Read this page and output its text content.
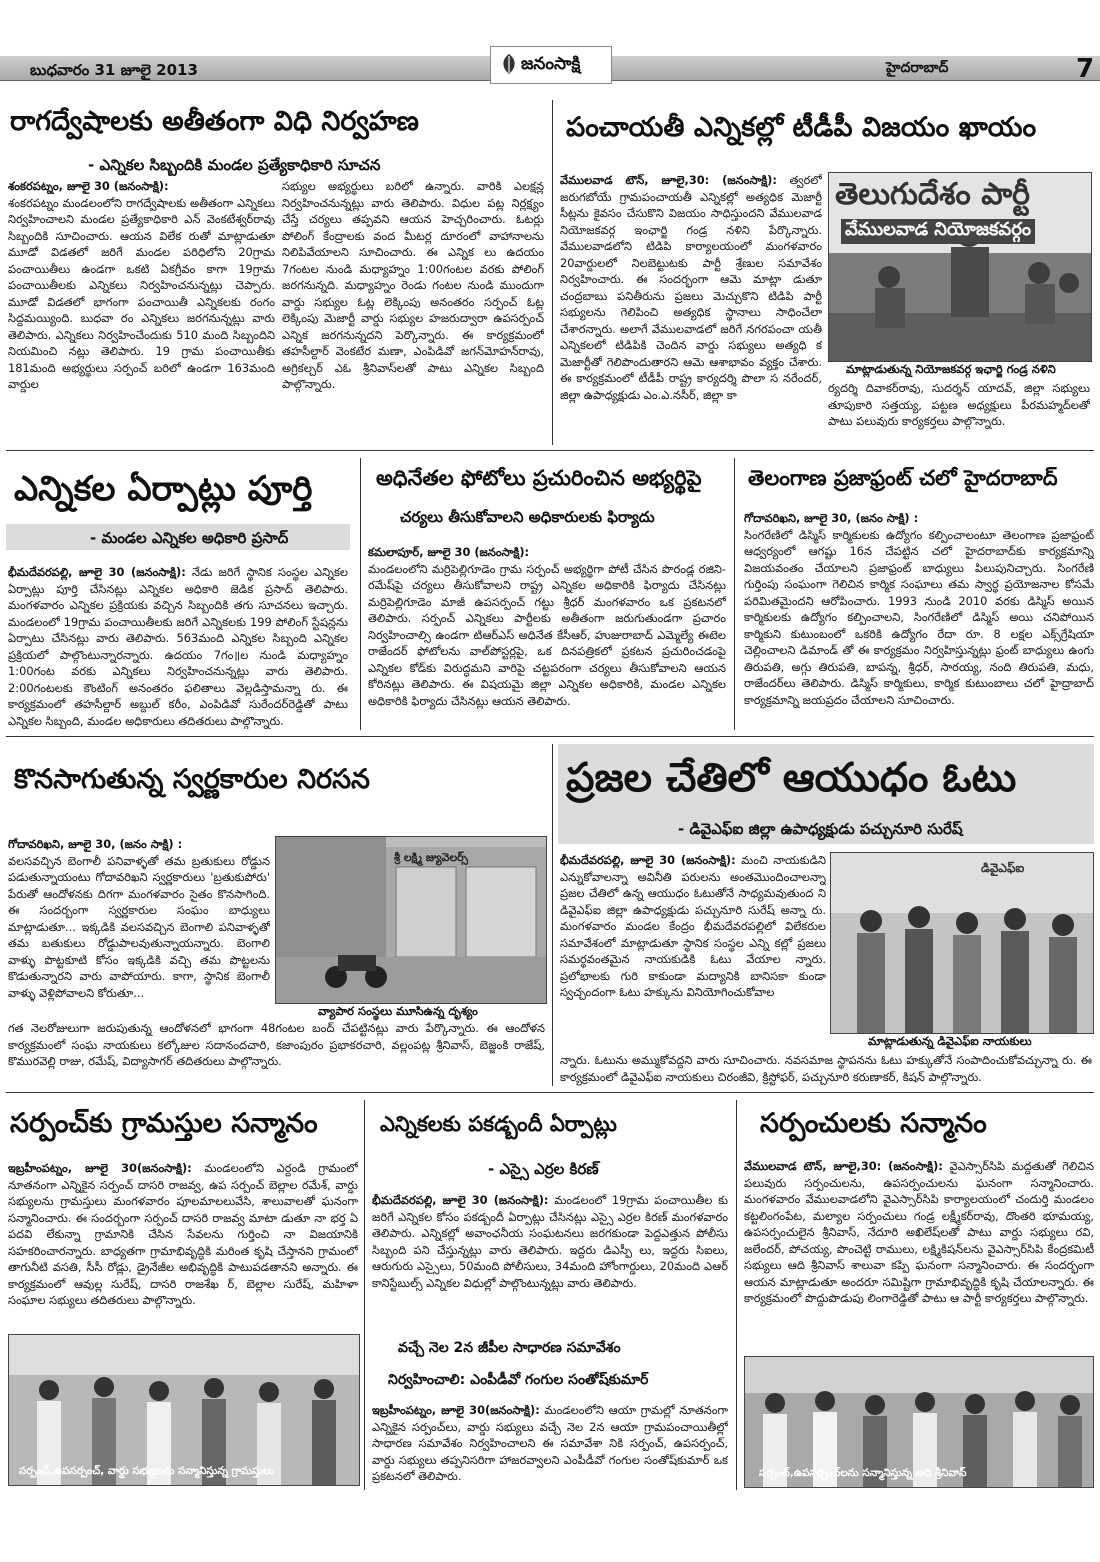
బుధవారం 31 జూలై 2013	జనంసాక్షి	హైదరాబాద్	7
రాగద్వేషాలకు అతీతంగా విధి నిర్వహణ
- ఎన్నికల సిబ్బందికి మండల ప్రత్యేకాధికారి సూచన
శంకరపట్నం, జూలై 30 (జనంసాక్షి):
శంకరపట్నం మండలంలోని రాగద్వేషాలకు అతీతంగా ఎన్నికలు నిర్వహించాలని మండల ప్రత్యేకాధికారి ఎన్ వెంకటేశ్వర్‌రావు సిబ్బందికి సూచించారు. ఆయన విలేక రుతో మాట్లాడుతూ మూడో విడతలో జరిగే మండల పరిధిలోని 20గ్రామ పంచాయితీలు ఉండగా ఒకటి ఏకగ్రీవం కాగా 19గ్రామ పంచాయితీలకు ఎన్నికలు నిర్వహించనున్నట్లు చెప్పారు. మూడో విడతలో భాగంగా పంచాయితీ ఎన్నికలకు రంగం సిద్దమయ్యింది. బుధవా రం ఎన్నికలు జరగనున్నట్లు వారు తెలిపారు. ఎన్నికలు నిర్వహించేందుకు 510 మంది సిబ్బందిని నియమించి నట్లు తెలిపారు. 19 గ్రామ పంచాయితీకు 181మంది అభ్యర్థులు సర్పంచ్ బరిలో ఉండగా 163మంది వార్డుల
సభ్యుల అభ్యర్థులు బరిలో ఉన్నారు. వారికి ఎలక్షన్ల నిర్వహించనున్నట్లు వారు తెలిపారు. విధుల పట్ల నిర్లక్ష్యం చేస్తే చర్యలు తప్పవని ఆయన హెచ్చరించారు. ఓటర్లు పోలింగ్ కేంద్రాలకు వంద మీటర్ల దూరంలో వాహానాలను నిలిపివేయాలని సూచించారు. ఈ ఎన్నిక లు ఉదయం 7గంటల నుండి మధ్యాహ్నం 1:00గంటల వరకు పోలింగ్ జరగనున్నది. మధ్యాహ్నం రెండు గంటల నుండి ముందుగా వార్డు సభ్యుల ఓట్ల లెక్కింపు అనంతరం సర్పంచ్ ఓట్ల లెక్కింపు మెజార్టీ వార్డు సభ్యుల హజరుద్వారా ఉపసర్పంచ్ ఎన్నిక జరగనున్నదని పెర్కొన్నారు. ఈ కార్యక్రమంలో తహసీల్దార్ వెంకటేర మణా, ఎంపిడివో జగన్‌మోహన్‌రావు, అగ్రికల్చర్ ఎఓ శ్రీనివాస్‌లతో పాటు ఎన్నికల సిబ్బంది పాల్గొన్నారు.
పంచాయతీ ఎన్నికల్లో టీడీపీ విజయం ఖాయం
వేములవాడ టౌన్, జూలై,30: (జనంసాక్షి): త్వరలో జరుగబోయే గ్రామపంచాయతీ ఎన్నికల్లో అత్యధిక మెజార్టీ సీట్లను కైవసం చేసుకొని విజయం సాధిస్తుందని వేములవాడ నియోజకవర్గ ఇంఛార్జి గండ్ర నళిని పేర్కొన్నారు. వేములవాడలోని టిడిపి కార్యాలయంలో మంగళవారం 20వార్డులలో నిలబెట్టుటకు పార్టీ శ్రేణుల సమావేశం నిర్వహించారు. ఈ సందర్భంగా ఆమె మాట్లా డుతూ చంద్రబాబు పనితీరును ప్రజలు మెచ్చుకొని టిడిపి పార్టీ సభ్యులను గెలిపించి అత్యధిక స్థానాలు సాధించేలా చేశారన్నారు. అలాగే వేములవాడలో జరిగే నగరపంచా యతీ ఎన్నికలలో టిడిపికి చెందిన వార్డు సభ్యులు అత్యధి క మెజార్టీతో గెలిపొందుతారని ఆమె ఆశాభావం వ్యక్తం చేశారు. ఈ కార్యక్రమంలో టీడీపీ రాష్ట్ర కార్యదర్శి పొలా స నరేందర్, జిల్లా ఉపాధ్యక్షుడు ఎం.ఎ.నసీర్, జిల్లా కా
తెలుగుదేశం పార్టీ
వేములవాడ నియోజకవర్గం
మాట్లాడుతున్న నియోజకవర్గ ఇఛార్జి గండ్ర నళిని
ర్యదర్శి దివాకర్‌రావు, సుదర్శన్ యాదవ్, జిల్లా సభ్యులు తూపుకారి సత్తయ్య, పట్టణ అధ్యక్షులు పీరమహ్మద్‌లతో పాటు పలువురు కార్యకర్తలు పాల్గొన్నారు.
ఎన్నికల ఏర్పాట్లు పూర్తి
- మండల ఎన్నికల అధికారి ప్రసాద్
భీమదేవరపల్లి, జూలై 30 (జనంసాక్షి): నేడు జరిగే స్థానిక సంస్థల ఎన్నికల ఏర్పాట్లు పూర్తి చేసినట్లు ఎన్నికల అధికారి జెడిక ప్రసాద్ తెలిపారు. మంగళవారం ఎన్నికల ప్రక్రియకు వచ్చిన సిబ్బందికి తగు సూచనలు ఇచ్చారు. మండలంలో 19గ్రామ పంచాయితీలకు జరిగే ఎన్నికలకు 199 పోలింగ్ స్టేషన్లను ఏర్పాటు చేసినట్లు వారు తెలిపారు. 563మంది ఎన్నికల సిబ్బంది ఎన్నికల ప్రక్రియలో పాల్గొంటున్నారన్నారు. ఉదయం 7గం॥ల నుండి మధ్యాహ్నం 1:00గంట వరకు ఎన్నికలు నిర్వహించనున్నట్లు వారు తెలిపారు. 2:00గంటలకు కౌంటింగ్ అనంతరం ఫలితాలు వెల్లడిస్తామన్నా రు. ఈ కార్యక్రమంలో తహసీల్దార్ అబ్దుల్ కరీం, ఎంపిడివో సురేందర్‌రెడ్డితో పాటు ఎన్నికల సిబ్బంది, మండల అధికారులు తదితరులు పాల్గొన్నారు.
అధినేతల ఫోటోలు ప్రచురించిన అభ్యర్థిపై
చర్యలు తీసుకోవాలని అధికారులకు ఫిర్యాదు
కమలాపూర్, జూలై 30 (జనంసాక్షి):
మండలంలోని మర్రిపెల్లిగూడెం గ్రామ సర్పంచ్ అభ్యర్థిగా పోటీ చేసిన పొరండ్ల రజిని-రమేష్‌పై చర్యలు తీసుకోవాలని రాష్ట్ర ఎన్నికల అధికారికి ఫిర్యాదు చేసినట్లు మర్రిపెల్లిగూడెం మాజీ ఉపసర్పంచ్ గట్టు శ్రీధర్ మంగళవారం ఒక ప్రకటనలో తెలిపారు. సర్పంచ్ ఎన్నికలు పార్టీలకు అతీతంగా జరుగుతుండగా ప్రచారం నిర్వహించాల్సి ఉండగా టిఆర్‌ఎస్ అధినేత కేసీఆర్, హుజురాబాద్ ఎమ్మెల్యే ఈటెల రాజేందర్ ఫోటోలను వాల్‌పోస్టర్లపై, ఒక దినపత్రికలో ప్రకటన ప్రచురించడంపై ఎన్నికల కోడ్‌కు విరుద్ధమని వారిపై చట్టపరంగా చర్యలు తీసుకోవాలని ఆయన కోరినట్లు తెలిపారు. ఈ విషయమై జిల్లా ఎన్నికల అధికారికి, మండల ఎన్నికల అధికారికి ఫిర్యాదు చేసినట్లు ఆయన తెలిపారు.
తెలంగాణ ప్రజాఫ్రంట్ చలో హైదరాబాద్
గోదావరిఖని, జూలై 30, (జనం సాక్షి) :
సింగరేణిలో డిస్మిస్ కార్మికులకు ఉద్యోగం కల్పించాలంటూ తెలంగాణ ప్రజాఫ్రంట్ ఆధ్వర్యంలో ఆగష్టు 16న చేపట్టిన చలో హైదరాబాద్‌కు కార్యక్రమాన్ని విజయవంతం చేయాలని ప్రజాఫ్రంట్ బాధ్యులు పిలుపునిచ్చారు. సింగరేణి గుర్తింపు సంఘంగా గెలిచిన కార్మిక సంఘాలు తమ స్వార్థ ప్రయోజనాల కోసమే పరిమితమైందని ఆరోపించారు. 1993 నుండి 2010 వరకు డిస్మిస్ అయిన కార్మికులకు ఉద్యోగం కల్పించాలని, సింగరేణిలో డిస్మిస్ అయి చనిపోయిన కార్మికుని కుటుంబంలో ఒకరికి ఉద్యోగం రేదా రూ. 8 లక్షల ఎక్స్‌గ్రేషియా చెల్లించాలని డిమాండ్ తో ఈ కార్యక్రమం నిర్వహిస్తున్నట్లు ఫ్రంట్ బాధ్యులు ఉంగు తిరుపతి, అగ్గు తిరుపతి, బాపన్న, శ్రీధర్, సారయ్య, నంది తిరుపతి, మధు, రాజేందర్‌లు తెలిపారు. డిస్మిస్ కార్మికులు, కార్మిక కుటుంబాలు చలో హైద్రాబాద్ కార్యక్రమాన్ని జయప్రదం చేయాలని సూచించారు.
కొనసాగుతున్న స్వర్ణకారుల నిరసన
గోదావరిఖని, జూలై 30, (జనం సాక్షి) :
వలసవచ్చిన బెంగాలీ పనివాళ్ళతో తమ బ్రతుకులు రోడ్డున పడుతున్నాయంటు గోదావరిఖని స్వర్ణకారులు 'బ్రతుకుపోరు' పేరుతో ఆందోళనకు దిగగా మంగళవారం సైతం కొనసాగింది. ఈ సందర్బంగా స్వర్ణకారుల సంఘం బాధ్యులు మాట్లాడుతూ... ఇక్కడికి వలసవచ్చిన బెంగాలి పనివాళ్ళతో తమ బతుకులు రోడ్డుపాలవుతున్నాయన్నారు. బెంగాలి వాళ్ళు పొట్టకూటి కోసం ఇక్కడికి వచ్చి తమ పొట్టలను కొడుతున్నారని వారు వాపోయారు. కాగా, స్థానిక బెంగాలీ వాళ్ళు వెళ్లిపోవాలని కోరుతూ...
శ్రీ లక్ష్మి జ్యువెలర్స్
వ్యాపార సంస్థలు మూసిఉన్న దృశ్యం
గత నెలరోజులుగా జరుపుతున్న ఆందోళనలో భాగంగా 48గంటల బంద్ చేపట్టినట్లు వారు పేర్కొన్నారు. ఈ ఆందోళన కార్యక్రమంలో సంఘ నాయకులు కల్కోజుల సదానందచారి, కజాంపురం ప్రభాకరచారి, వల్లంపట్ల శ్రీనివాస్, బెజ్జంకి రాజేష్, కొమురవెల్లి రాజు, రమేష్, విద్యాసాగర్ తదితరులు పాల్గొన్నారు.
ప్రజల చేతిలో ఆయుధం ఓటు
- డివైఎఫ్ఐ జిల్లా ఉపాధ్యక్షుడు పచ్చునూరి సురేష్
భీమదేవరపల్లి, జూలై 30 (జనంసాక్షి): మంచి నాయకుడిని ఎన్నుకోవాలన్నా అవినీతి పరులను అంతమొందించాలన్నా ప్రజల చేతిలో ఉన్న ఆయుధం ఓటుతోనే సాధ్యమవుతుంద ని డివైఎఫ్ఐ జిల్లా ఉపాధ్యక్షుడు పచ్చునూరి సురేష్ అన్నా రు. మంగళవారం మండల కేంద్రం భీమదేవరపల్లిలో విలేకరుల సమావేశంలో మాట్లాడుతూ స్థానిక సంస్థల ఎన్ని కల్లో ప్రజలు సమర్థవంతమైన నాయకుడికి ఓటు వేయాల న్నారు. ప్రలోభాలకు గురి కాకుండా మద్యానికి బానిసకా కుండా స్వచ్చందంగా ఓటు హక్కును వినియోగించుకోవాల
డివైఎఫ్ఐ
మాట్లాడుతున్న డివైఎఫ్ఐ నాయకులు
న్నారు. ఓటును అమ్ముకోవద్దని వారు సూచించారు. నవసమాజ స్థాపనను ఓటు హక్కుతోనే సంపాదించుకోవచ్చున్నా రు. ఈ కార్యక్రమంలో డివైఎఫ్ఐ నాయకులు చిరంజీవి, క్రిస్టోఫర్, పచ్చునూరి కరుణాకర్, కిషన్ పాల్గొన్నారు.
సర్పంచ్‌కు గ్రామస్తుల సన్మానం
ఇబ్రహీంపట్నం, జూలై 30(జనంసాక్షి): మండలంలోని ఎర్దండి గ్రామంలో నూతనంగా ఎన్నికైన సర్పంచ్ దాసరి రాజవ్వ, ఉప సర్పంచ్ బెల్లాల రమేశ్, వార్డు సభ్యులను గ్రామస్తులు మంగళవారం పూలమాలలువేసి, శాలువాలతో ఘనంగా సన్మానించారు. ఈ సందర్బంగా సర్పంచ్ దాసరి రాజవ్వ మాటా డుతూ నా భర్త ఏ పదవి లేకున్నా గ్రామానికి చేసిన సేవలను గుర్తించి నా విజయానికి సహకరించారన్నారు. బాధ్యతగా గ్రామాభివృద్ధికి మరింత కృషి చేస్తానని గ్రామంలో తాగునీటి వసతి, సీసీ రోడ్లు, డ్రైనేజీల అభివృద్ధికి పాటుపడతానని అన్నారు. ఈ కార్యక్రమంలో ఆవుల్ల సురేష్, దాసరి రాజశేఖ ర్, బెల్లాల సురేష్, మహిళా సంఘాల సభ్యులు తదితరులు పాల్గొన్నారు.
సర్పంచ్,ఉపసర్పంచ్, వార్డు సభ్యులను సన్మానిస్తున్న గ్రామస్తులు
ఎన్నికలకు పకడ్బందీ ఏర్పాట్లు
- ఎస్సై ఎర్రల కిరణ్
భీమదేవరపల్లి, జూలై 30 (జనంసాక్షి): మండలంలో 19గ్రామ పంచాయితీల కు జరిగే ఎన్నికల కోసం పకడ్బందీ ఏర్పాట్లు చేసినట్లు ఎస్సై ఎర్రల కిరణ్ మంగళవారం తెలిపారు. ఎన్నికల్లో అవాంఛనీయ సంఘటనలు జరగకుండా పెద్దఎత్తున పోలీసు సిబ్బంది పని చేస్తున్నట్లు వారు తెలిపారు. ఇద్దరు డిఎస్పీ లు, ఇద్దరు సిఐలు, ఆరుగురు ఎస్సైలు, 50మంది పోలీసులు, 34మంది హోంగార్డులు, 20మంది ఎఆర్ కానిస్టేబుల్స్ ఎన్నికల విధుల్లో పాల్గొంటున్నట్లు వారు తెలిపారు.
వచ్చే నెల 2న జీపీల సాధారణ సమావేశం
నిర్వహించాలి: ఎంపీడీవో గంగుల సంతోష్‌కుమార్
ఇబ్రహీంపట్నం, జూలై 30(జనంసాక్షి): మండలంలోని ఆయా గ్రామల్లో నూతనంగా ఎన్నికైన సర్పంచ్‌లు, వార్డు సభ్యులు వచ్చే నెల 2న ఆయా గ్రామపంచాయితీల్లో సాధారణ సమావేశం నిర్వహించాలని ఈ సమావేశా నికి సర్పంచ్, ఉపసర్పంచ్, వార్డు సభ్యులు తప్పనిసరిగా హాజరవ్వాలని ఎంపీడీవో గంగుల సంతోష్‌కుమార్ ఒక ప్రకటనలో తెలిపారు.
సర్పంచులకు సన్మానం
వేములవాడ టౌన్, జూలై,30: (జనంసాక్షి): వైఎస్సార్‌సిపి మద్దతుతో గెలిచిన పలువురు సర్పంచులను, ఉపసర్పంచులను ఘనంగా సన్మానించారు. మంగళవారం వేములవాడలోని వైఎస్సార్‌సిపి కార్యాలయంలో చందుర్తి మండలం కట్టలింగంపేట, మల్యాల సర్పంచులు గండ్ర లక్ష్మీకర్‌రావు, దొంతరి భూమయ్య, ఉపసర్పంచులైన శ్రీనివాస్, నేదూరి అఖిలేష్‌లతో పాటు వార్డు సభ్యులు రవి, జలేందర్, పోచయ్య, పొంచెట్టి రాములు, లక్ష్మికిషన్‌లను వైఎస్సార్‌సిపి కేంద్రకమిటీ సభ్యులు ఆది శ్రీనివాస్ శాలువా కప్పి ఘనంగా సన్మానించారు. ఈ సందర్భంగా ఆయన మాట్లాడుతూ అందరూ సమిష్టిగా గ్రామాభివృద్ధికి కృషి చేయాలన్నారు. ఈ కార్యక్రమంలో పొద్దుపొడుపు లింగారెడ్డితో పాటు ఆ పార్టీ కార్యకర్తలు పాల్గొన్నారు.
సర్పంచ్,ఉపసర్పంచ్‌లను సన్మానిస్తున్న ఆది శ్రీనివాస్
